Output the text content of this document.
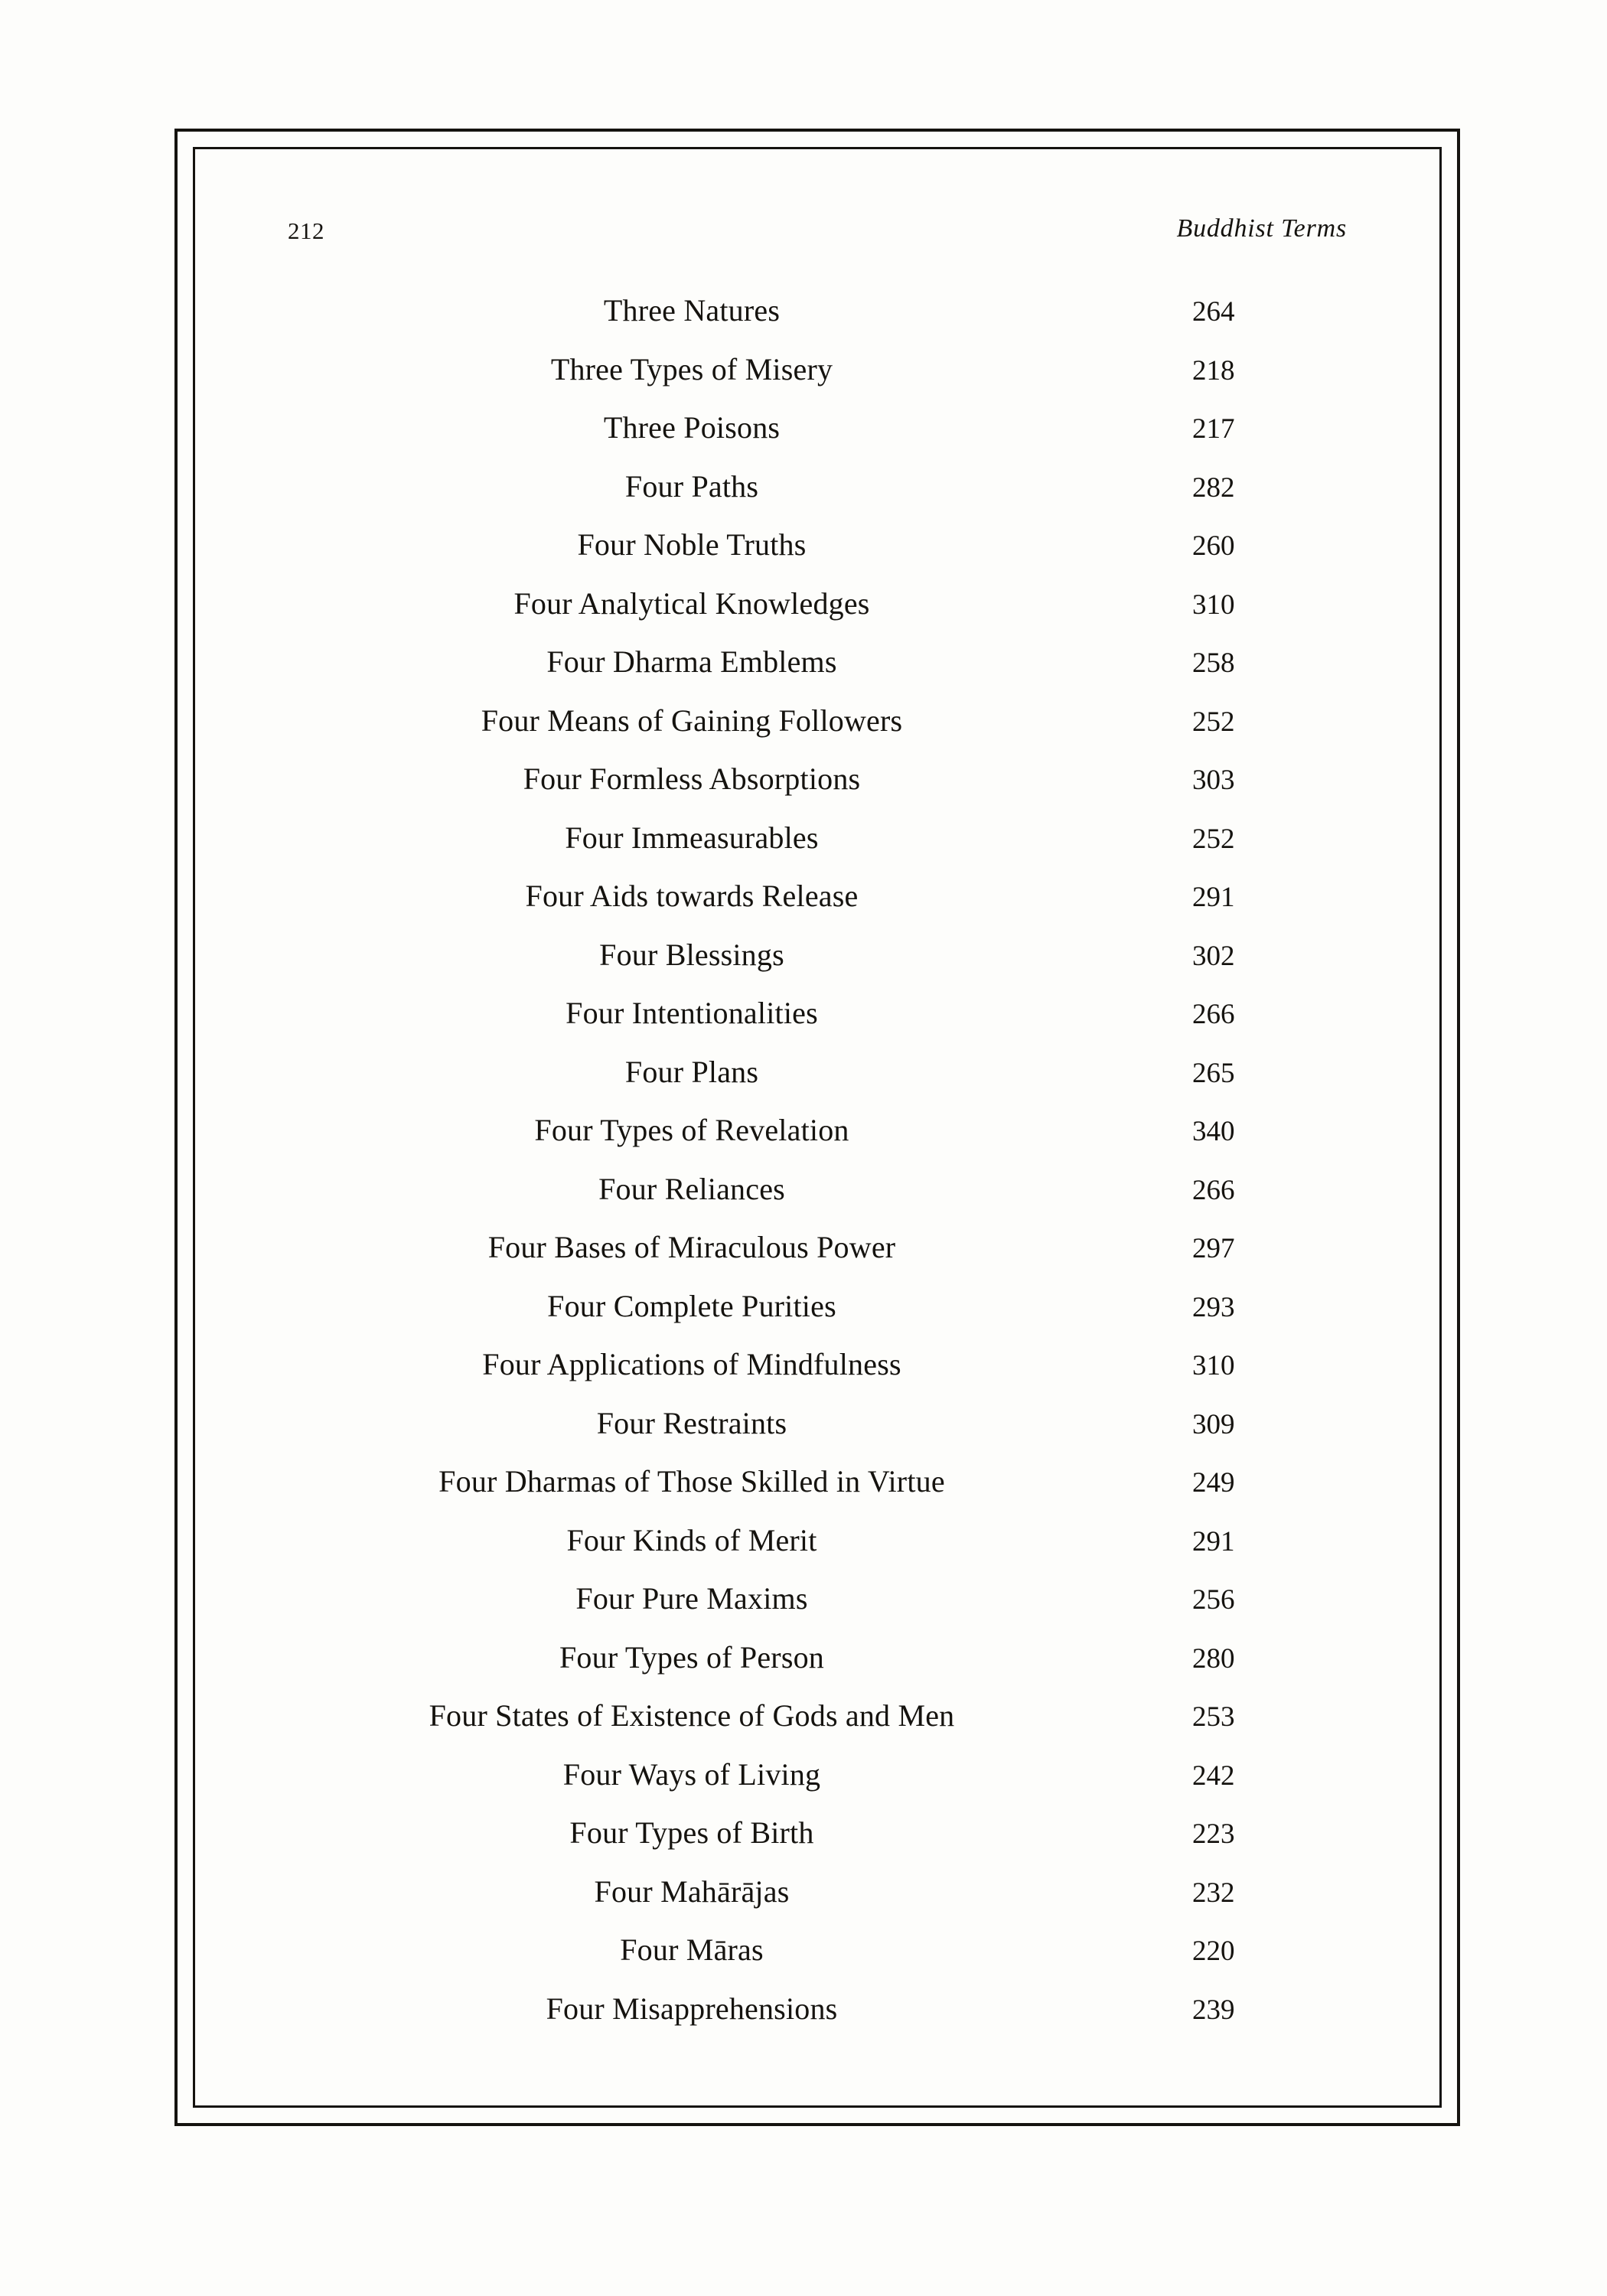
212	Buddhist Terms
Three Natures	264
Three Types of Misery	218
Three Poisons	217
Four Paths	282
Four Noble Truths	260
Four Analytical Knowledges	310
Four Dharma Emblems	258
Four Means of Gaining Followers	252
Four Formless Absorptions	303
Four Immeasurables	252
Four Aids towards Release	291
Four Blessings	302
Four Intentionalities	266
Four Plans	265
Four Types of Revelation	340
Four Reliances	266
Four Bases of Miraculous Power	297
Four Complete Purities	293
Four Applications of Mindfulness	310
Four Restraints	309
Four Dharmas of Those Skilled in Virtue	249
Four Kinds of Merit	291
Four Pure Maxims	256
Four Types of Person	280
Four States of Existence of Gods and Men	253
Four Ways of Living	242
Four Types of Birth	223
Four Mahārājas	232
Four Māras	220
Four Misapprehensions	239
